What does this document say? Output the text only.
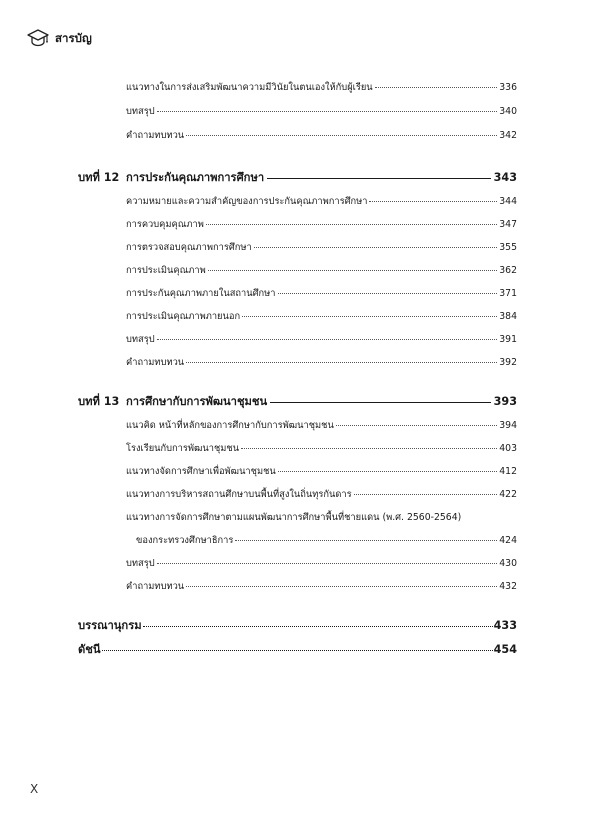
สารบัญ
แนวทางในการส่งเสริมพัฒนาความมีวินัยในตนเองให้กับผู้เรียน	336
บทสรุป	340
คำถามทบทวน	342
บทที่ 12 การประกันคุณภาพการศึกษา	343
ความหมายและความสำคัญของการประกันคุณภาพการศึกษา	344
การควบคุมคุณภาพ	347
การตรวจสอบคุณภาพการศึกษา	355
การประเมินคุณภาพ	362
การประกันคุณภาพภายในสถานศึกษา	371
การประเมินคุณภาพภายนอก	384
บทสรุป	391
คำถามทบทวน	392
บทที่ 13 การศึกษากับการพัฒนาชุมชน	393
แนวคิด หน้าที่หลักของการศึกษากับการพัฒนาชุมชน	394
โรงเรียนกับการพัฒนาชุมชน	403
แนวทางจัดการศึกษาเพื่อพัฒนาชุมชน	412
แนวทางการบริหารสถานศึกษาบนพื้นที่สูงในถิ่นทุรกันดาร	422
แนวทางการจัดการศึกษาตามแผนพัฒนาการศึกษาพื้นที่ชายแดน (พ.ศ. 2560-2564)
ของกระทรวงศึกษาธิการ	424
บทสรุป	430
คำถามทบทวน	432
บรรณานุกรม	433
ดัชนี	454
X
